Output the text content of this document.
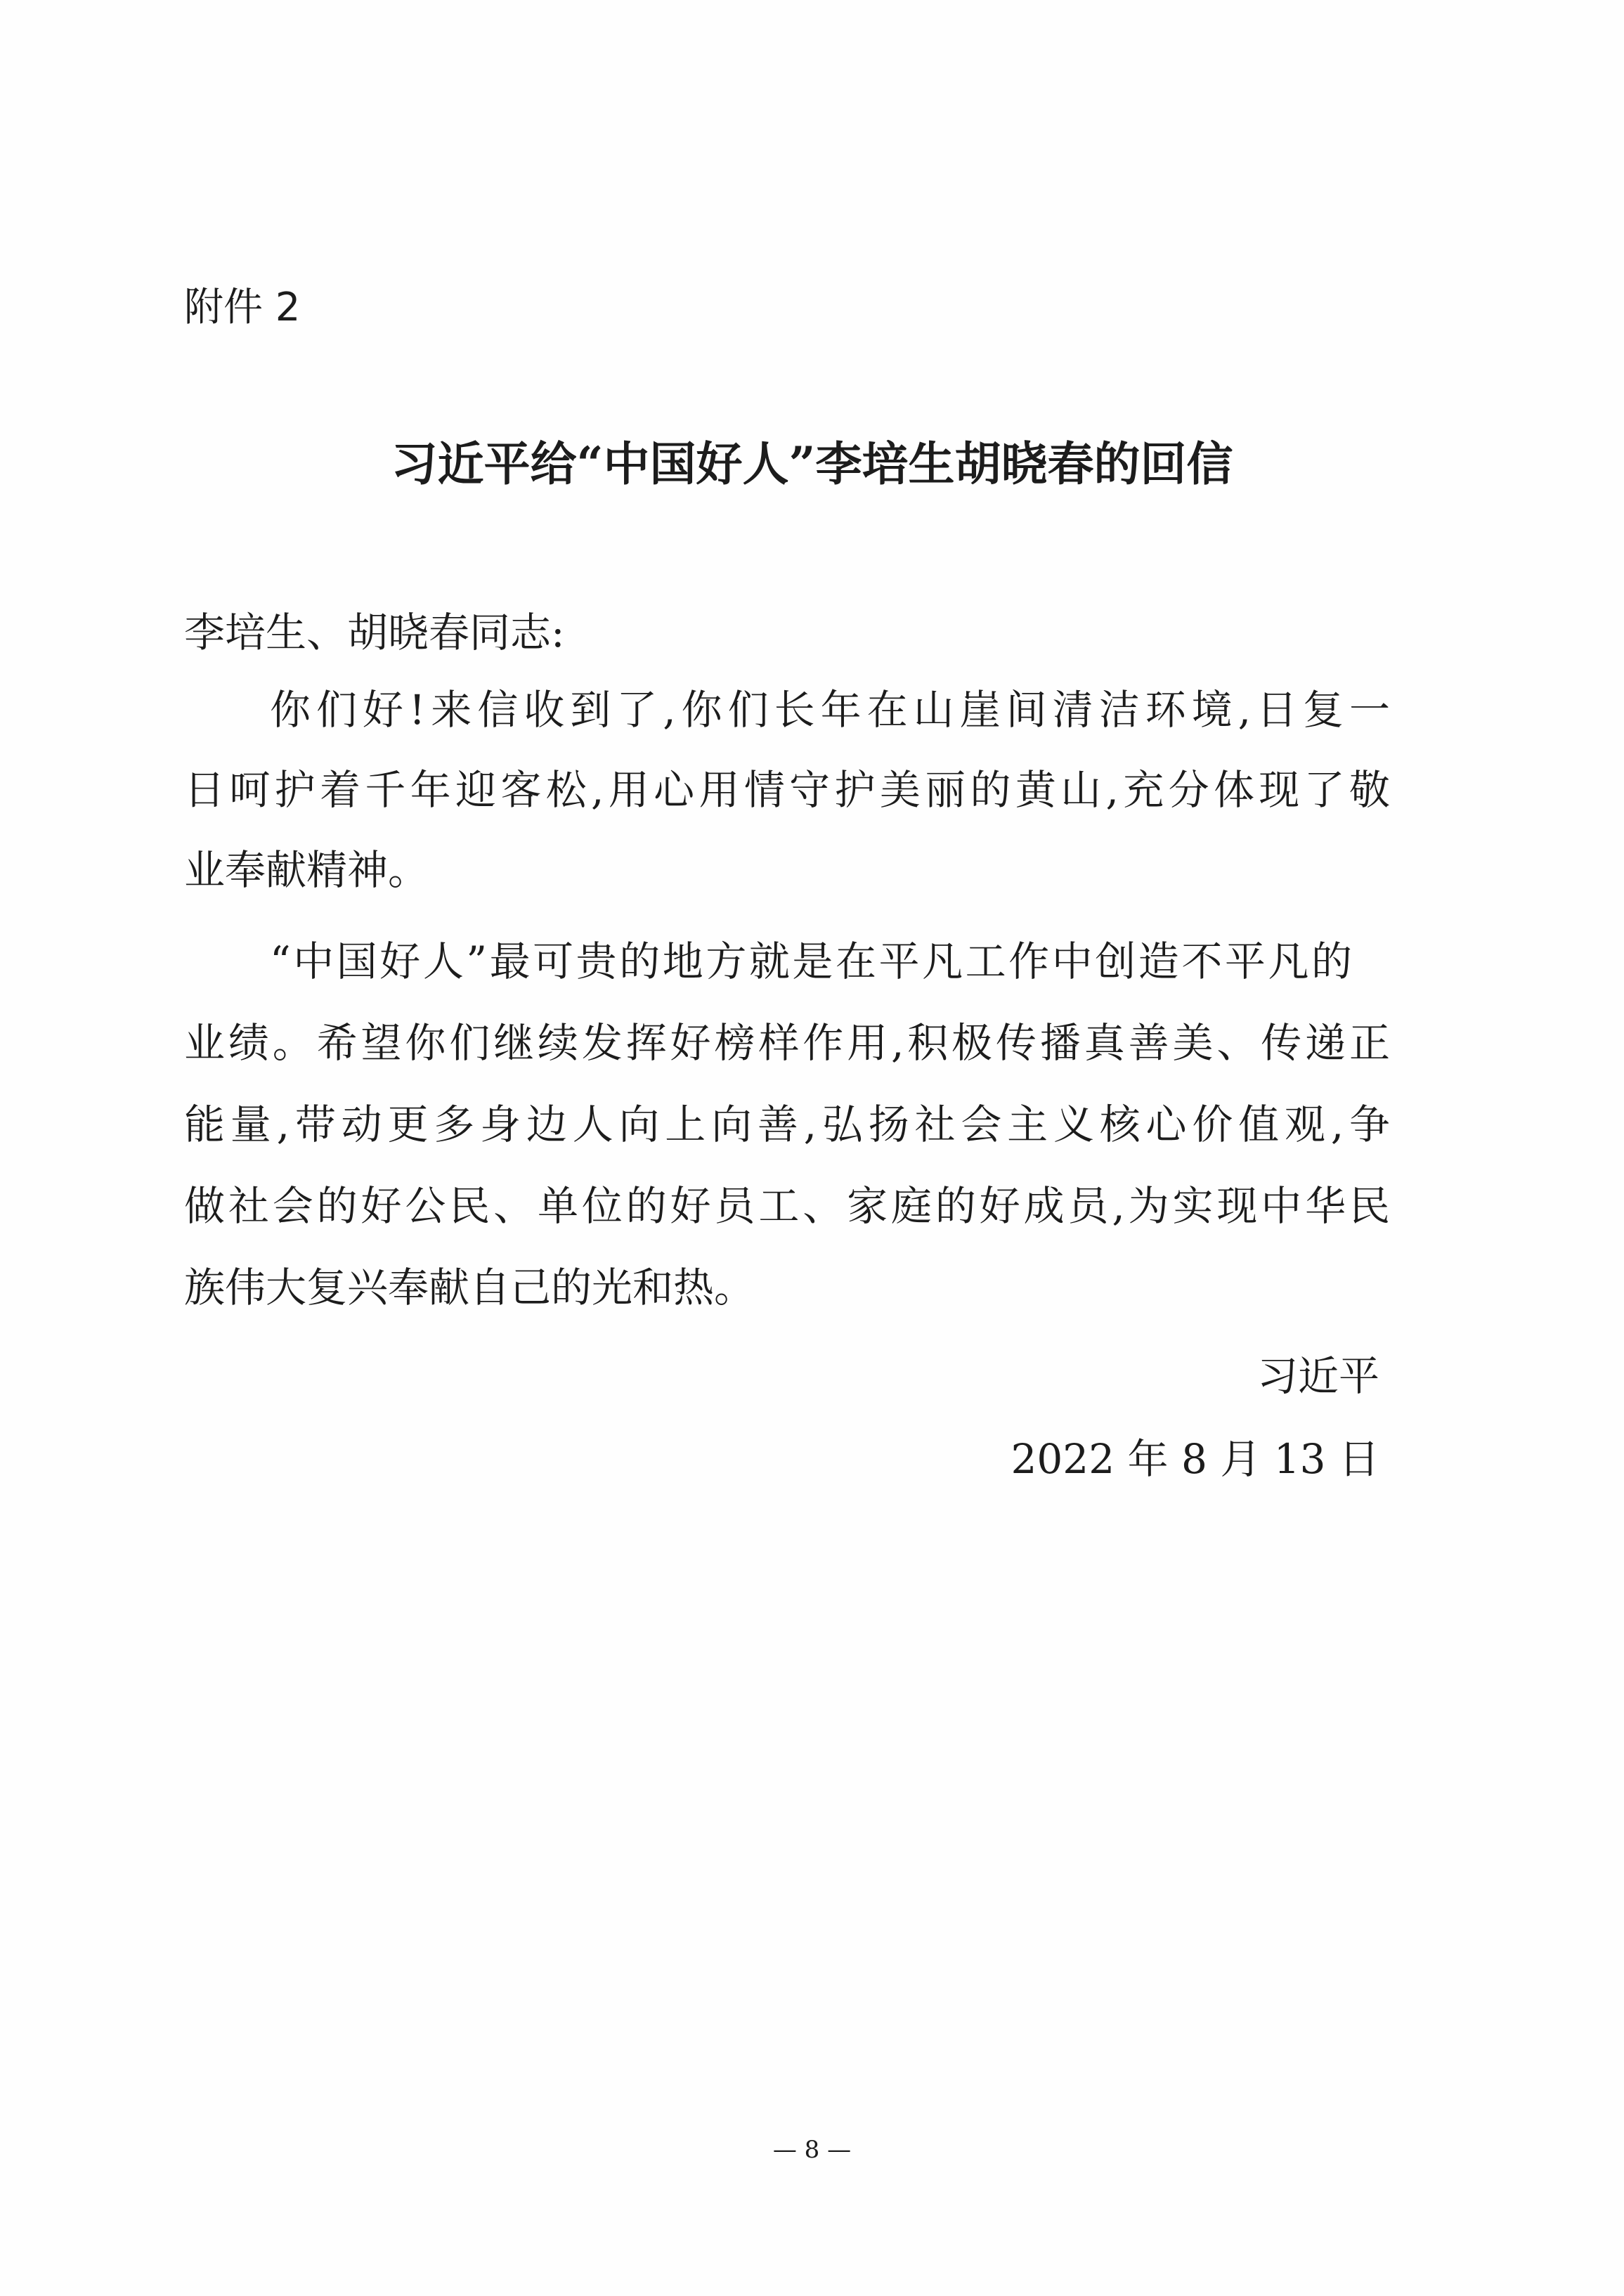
附件 2
习近平给“中国好人”李培生胡晓春的回信
李培生、胡晓春同志:
你们好!来信收到了,你们长年在山崖间清洁环境,日复一
日呵护着千年迎客松,用心用情守护美丽的黄山,充分体现了敬
业奉献精神。
“中国好人”最可贵的地方就是在平凡工作中创造不平凡的
业绩。希望你们继续发挥好榜样作用,积极传播真善美、传递正
能量,带动更多身边人向上向善,弘扬社会主义核心价值观,争
做社会的好公民、单位的好员工、家庭的好成员,为实现中华民
族伟大复兴奉献自己的光和热。
习近平
2022 年 8 月 13 日
— 8 —
